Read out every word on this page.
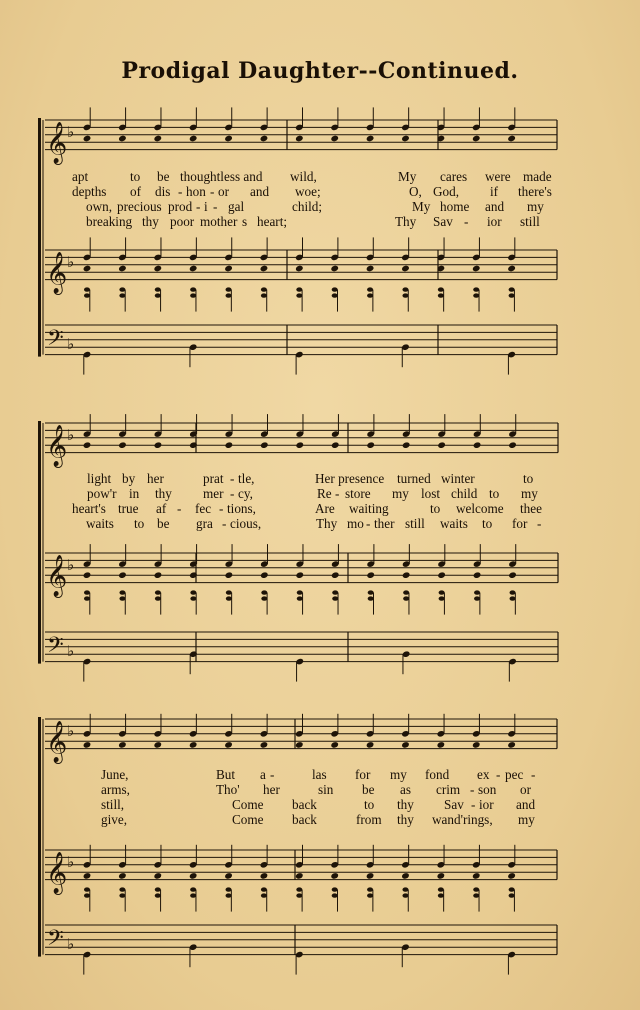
Prodigal Daughter--Continued.
𝄞 ♭
𝄞 ♭
𝄢 ♭
𝄞 ♭
𝄞 ♭
𝄢 ♭
𝄞 ♭
𝄞 ♭
𝄢 ♭
apt	to be thoughtless and wild,	My cares were made
depths of dis - hon - or and woe;	O, God, if there's
own, precious prod - i - gal	child;	My home and my
breaking thy poor mother s heart;	Thy Sav - ior still
light by her	prat - tle,	Her presence turned winter	to
pow'r in thy mer - cy,	Re - store my lost child to my
heart's true af - fec - tions,	Are waiting	to welcome thee
waits to be gra - cious,	Thy mo - ther still waits to for -
June,	But a -	las for my fond ex - pec -
arms,	Tho' her	sin be as crim - son or
still,	Come back	to thy Sav - ior and
give,	Come back	from thy wand'rings, my
